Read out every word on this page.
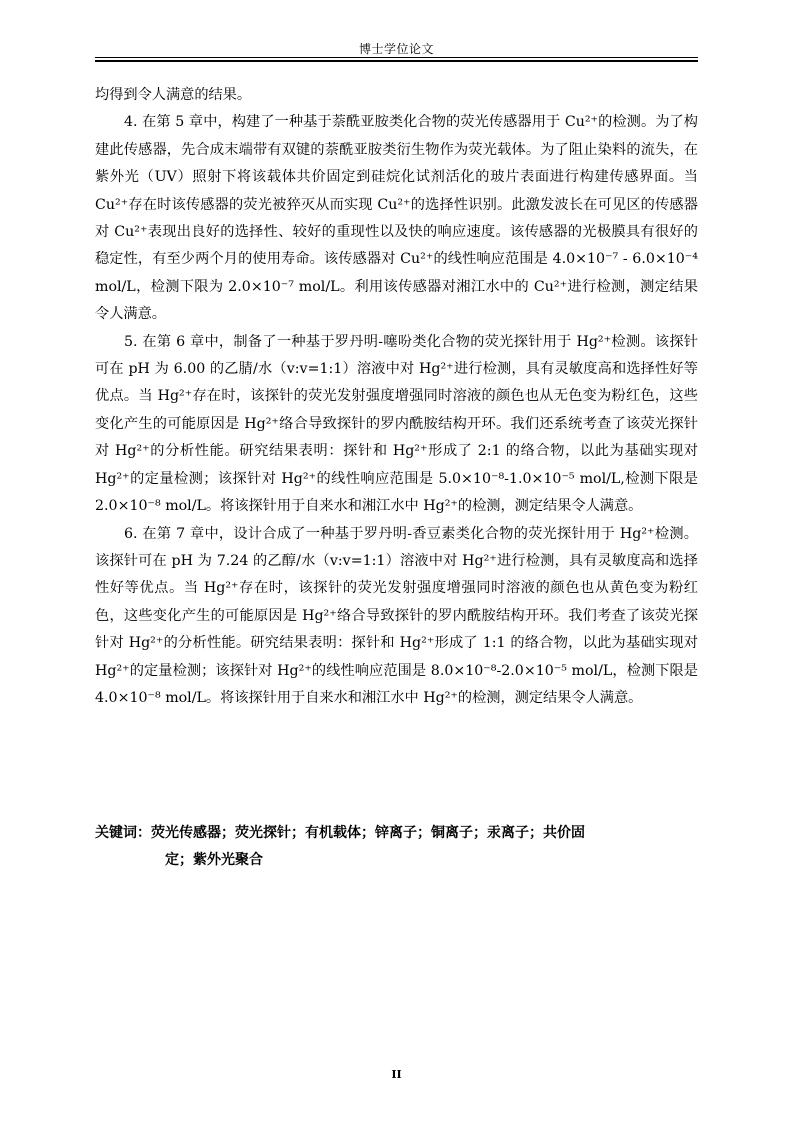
博士学位论文

均得到令人满意的结果。

4. 在第 5 章中，构建了一种基于萘酰亚胺类化合物的荧光传感器用于 Cu²⁺的检测。为了构建此传感器，先合成末端带有双键的萘酰亚胺类衍生物作为荧光载体。为了阻止染料的流失，在紫外光（UV）照射下将该载体共价固定到硅烷化试剂活化的玻片表面进行构建传感界面。当 Cu²⁺存在时该传感器的荧光被猝灭从而实现 Cu²⁺的选择性识别。此激发波长在可见区的传感器对 Cu²⁺表现出良好的选择性、较好的重现性以及快的响应速度。该传感器的光极膜具有很好的稳定性，有至少两个月的使用寿命。该传感器对 Cu²⁺的线性响应范围是 4.0×10⁻⁷ - 6.0×10⁻⁴ mol/L，检测下限为 2.0×10⁻⁷ mol/L。利用该传感器对湘江水中的 Cu²⁺进行检测，测定结果令人满意。

5. 在第 6 章中，制备了一种基于罗丹明-噻吩类化合物的荧光探针用于 Hg²⁺检测。该探针可在 pH 为 6.00 的乙腈/水（v:v=1:1）溶液中对 Hg²⁺进行检测，具有灵敏度高和选择性好等优点。当 Hg²⁺存在时，该探针的荧光发射强度增强同时溶液的颜色也从无色变为粉红色，这些变化产生的可能原因是 Hg²⁺络合导致探针的罗内酰胺结构开环。我们还系统考查了该荧光探针对 Hg²⁺的分析性能。研究结果表明：探针和 Hg²⁺形成了 2:1 的络合物，以此为基础实现对 Hg²⁺的定量检测；该探针对 Hg²⁺的线性响应范围是 5.0×10⁻⁸-1.0×10⁻⁵ mol/L,检测下限是 2.0×10⁻⁸ mol/L。将该探针用于自来水和湘江水中 Hg²⁺的检测，测定结果令人满意。

6. 在第 7 章中，设计合成了一种基于罗丹明-香豆素类化合物的荧光探针用于 Hg²⁺检测。该探针可在 pH 为 7.24 的乙醇/水（v:v=1:1）溶液中对 Hg²⁺进行检测，具有灵敏度高和选择性好等优点。当 Hg²⁺存在时，该探针的荧光发射强度增强同时溶液的颜色也从黄色变为粉红色，这些变化产生的可能原因是 Hg²⁺络合导致探针的罗内酰胺结构开环。我们考查了该荧光探针对 Hg²⁺的分析性能。研究结果表明：探针和 Hg²⁺形成了 1:1 的络合物，以此为基础实现对 Hg²⁺的定量检测；该探针对 Hg²⁺的线性响应范围是 8.0×10⁻⁸-2.0×10⁻⁵ mol/L，检测下限是 4.0×10⁻⁸ mol/L。将该探针用于自来水和湘江水中 Hg²⁺的检测，测定结果令人满意。

关键词：荧光传感器；荧光探针；有机载体；锌离子；铜离子；汞离子；共价固
定；紫外光聚合
II
